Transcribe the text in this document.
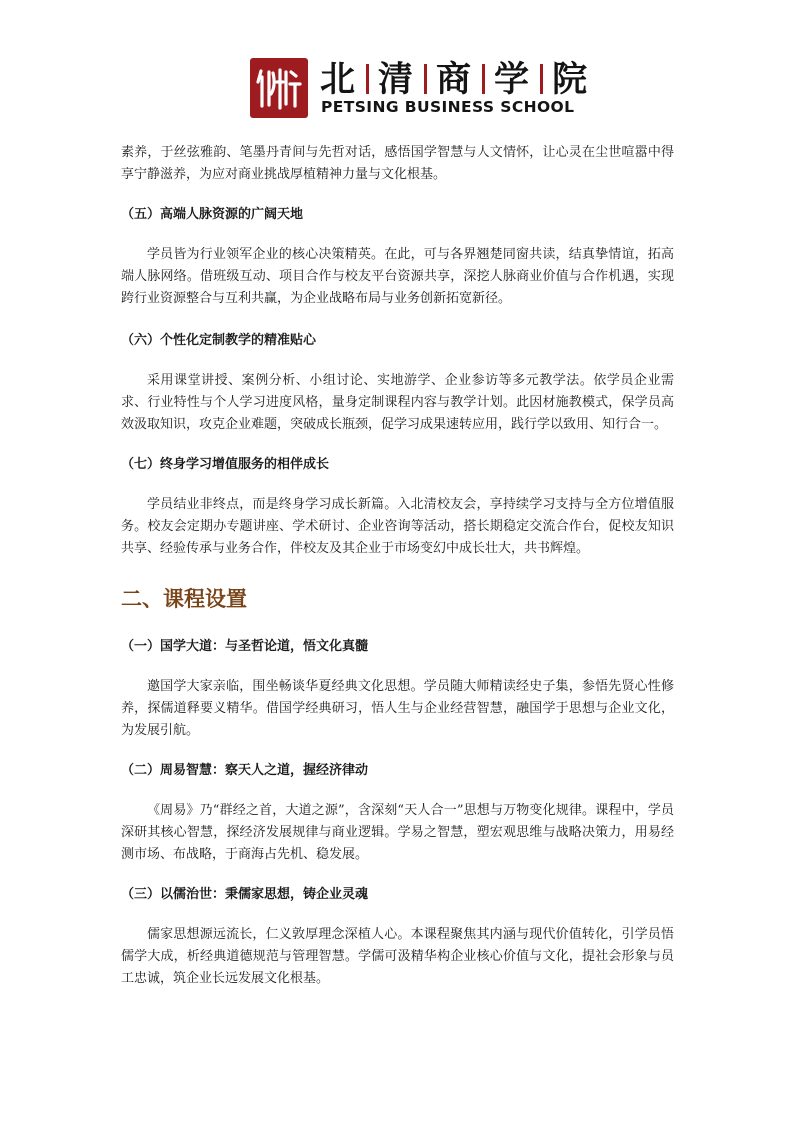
北 清 商 学 院
PETSING BUSINESS SCHOOL

素养，于丝弦雅韵、笔墨丹青间与先哲对话，感悟国学智慧与人文情怀，让心灵在尘世喧嚣中得享宁静滋养，为应对商业挑战厚植精神力量与文化根基。

（五）高端人脉资源的广阔天地

学员皆为行业领军企业的核心决策精英。在此，可与各界翘楚同窗共读，结真挚情谊，拓高端人脉网络。借班级互动、项目合作与校友平台资源共享，深挖人脉商业价值与合作机遇，实现跨行业资源整合与互利共赢，为企业战略布局与业务创新拓宽新径。

（六）个性化定制教学的精准贴心

采用课堂讲授、案例分析、小组讨论、实地游学、企业参访等多元教学法。依学员企业需求、行业特性与个人学习进度风格，量身定制课程内容与教学计划。此因材施教模式，保学员高效汲取知识，攻克企业难题，突破成长瓶颈，促学习成果速转应用，践行学以致用、知行合一。

（七）终身学习增值服务的相伴成长

学员结业非终点，而是终身学习成长新篇。入北清校友会，享持续学习支持与全方位增值服务。校友会定期办专题讲座、学术研讨、企业咨询等活动，搭长期稳定交流合作台，促校友知识共享、经验传承与业务合作，伴校友及其企业于市场变幻中成长壮大，共书辉煌。

二、课程设置
（一）国学大道：与圣哲论道，悟文化真髓

邀国学大家亲临，围坐畅谈华夏经典文化思想。学员随大师精读经史子集，参悟先贤心性修养，探儒道释要义精华。借国学经典研习，悟人生与企业经营智慧，融国学于思想与企业文化，为发展引航。

（二）周易智慧：察天人之道，握经济律动

《周易》乃“群经之首，大道之源”，含深刻“天人合一”思想与万物变化规律。课程中，学员深研其核心智慧，探经济发展规律与商业逻辑。学易之智慧，塑宏观思维与战略决策力，用易经测市场、布战略，于商海占先机、稳发展。

（三）以儒治世：秉儒家思想，铸企业灵魂

儒家思想源远流长，仁义敦厚理念深植人心。本课程聚焦其内涵与现代价值转化，引学员悟儒学大成，析经典道德规范与管理智慧。学儒可汲精华构企业核心价值与文化，提社会形象与员工忠诚，筑企业长远发展文化根基。
